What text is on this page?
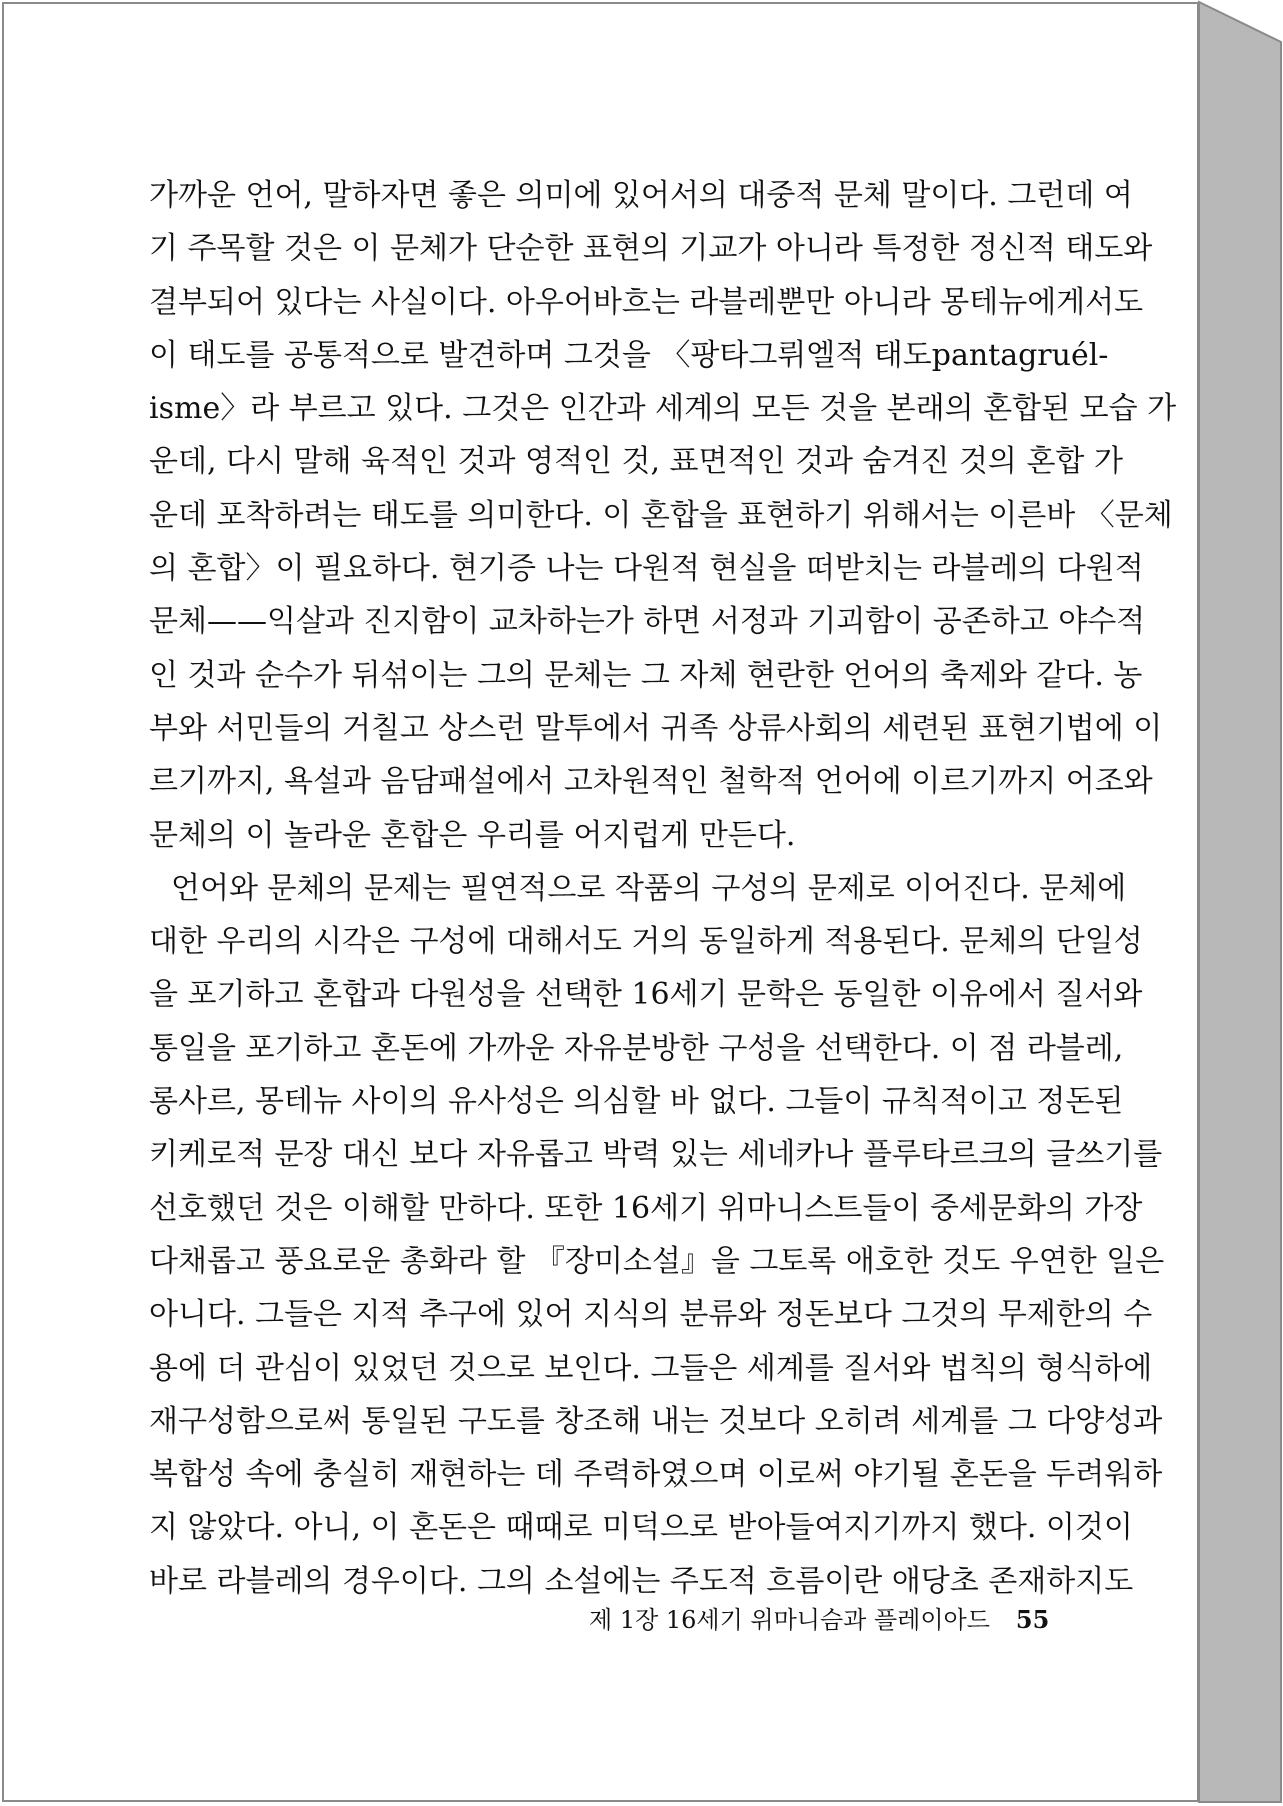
가까운 언어, 말하자면 좋은 의미에 있어서의 대중적 문체 말이다. 그런데 여
기 주목할 것은 이 문체가 단순한 표현의 기교가 아니라 특정한 정신적 태도와
결부되어 있다는 사실이다. 아우어바흐는 라블레뿐만 아니라 몽테뉴에게서도
이 태도를 공통적으로 발견하며 그것을 〈팡타그뤼엘적 태도pantagruél-
isme〉라 부르고 있다. 그것은 인간과 세계의 모든 것을 본래의 혼합된 모습 가
운데, 다시 말해 육적인 것과 영적인 것, 표면적인 것과 숨겨진 것의 혼합 가
운데 포착하려는 태도를 의미한다. 이 혼합을 표현하기 위해서는 이른바 〈문체
의 혼합〉이 필요하다. 현기증 나는 다원적 현실을 떠받치는 라블레의 다원적
문체——익살과 진지함이 교차하는가 하면 서정과 기괴함이 공존하고 야수적
인 것과 순수가 뒤섞이는 그의 문체는 그 자체 현란한 언어의 축제와 같다. 농
부와 서민들의 거칠고 상스런 말투에서 귀족 상류사회의 세련된 표현기법에 이
르기까지, 욕설과 음담패설에서 고차원적인 철학적 언어에 이르기까지 어조와
문체의 이 놀라운 혼합은 우리를 어지럽게 만든다.
언어와 문체의 문제는 필연적으로 작품의 구성의 문제로 이어진다. 문체에
대한 우리의 시각은 구성에 대해서도 거의 동일하게 적용된다. 문체의 단일성
을 포기하고 혼합과 다원성을 선택한 16세기 문학은 동일한 이유에서 질서와
통일을 포기하고 혼돈에 가까운 자유분방한 구성을 선택한다. 이 점 라블레,
롱사르, 몽테뉴 사이의 유사성은 의심할 바 없다. 그들이 규칙적이고 정돈된
키케로적 문장 대신 보다 자유롭고 박력 있는 세네카나 플루타르크의 글쓰기를
선호했던 것은 이해할 만하다. 또한 16세기 위마니스트들이 중세문화의 가장
다채롭고 풍요로운 총화라 할 『장미소설』을 그토록 애호한 것도 우연한 일은
아니다. 그들은 지적 추구에 있어 지식의 분류와 정돈보다 그것의 무제한의 수
용에 더 관심이 있었던 것으로 보인다. 그들은 세계를 질서와 법칙의 형식하에
재구성함으로써 통일된 구도를 창조해 내는 것보다 오히려 세계를 그 다양성과
복합성 속에 충실히 재현하는 데 주력하였으며 이로써 야기될 혼돈을 두려워하
지 않았다. 아니, 이 혼돈은 때때로 미덕으로 받아들여지기까지 했다. 이것이
바로 라블레의 경우이다. 그의 소설에는 주도적 흐름이란 애당초 존재하지도
제 1장 16세기 위마니슴과 플레이아드 55
